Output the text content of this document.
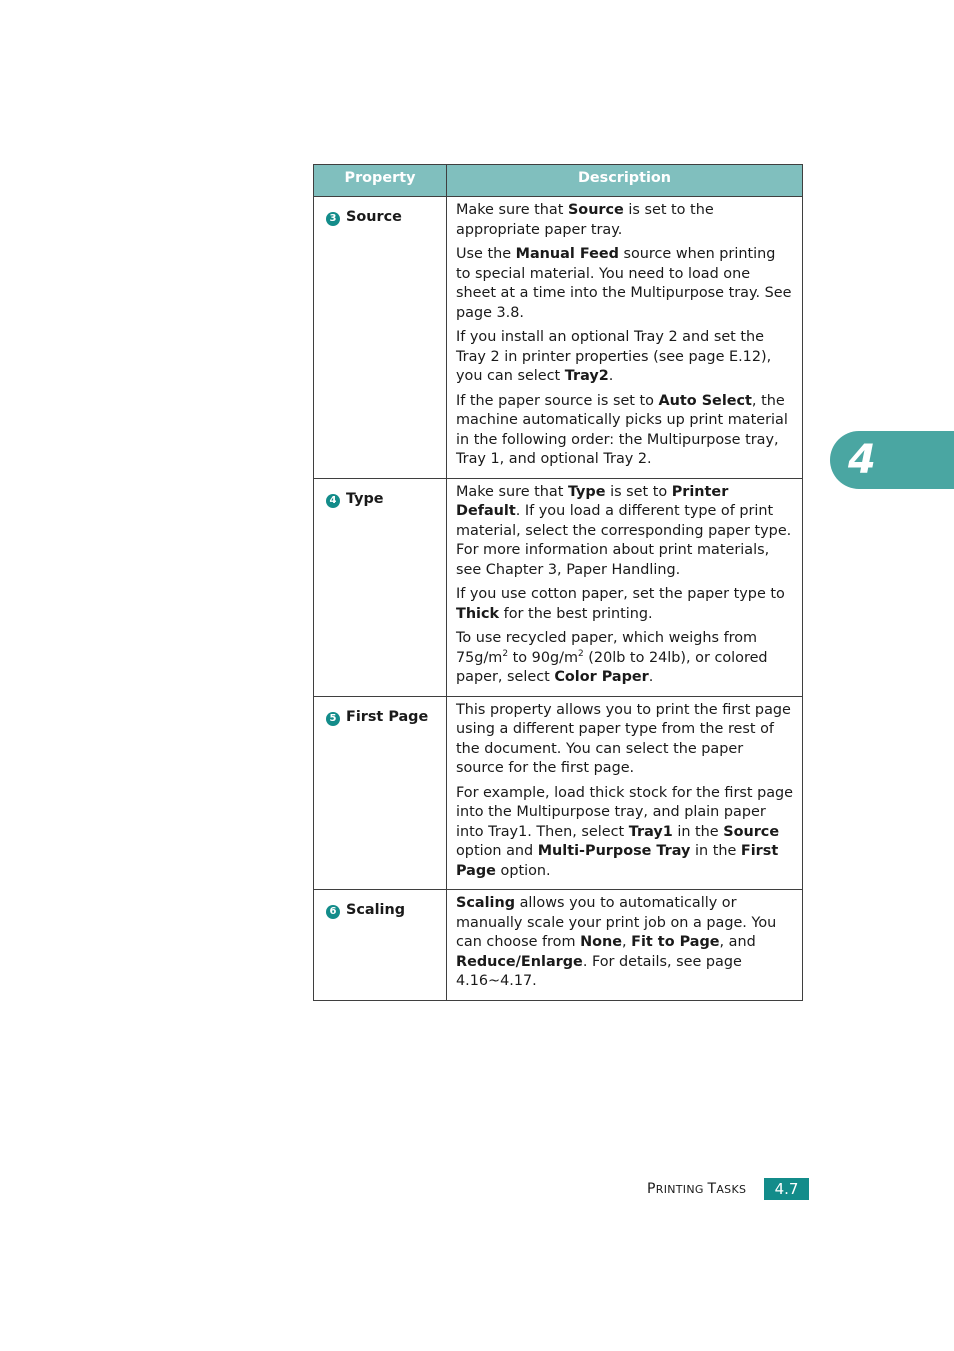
Property	Description
3 Source	Make sure that Source is set to the appropriate paper tray.

Use the Manual Feed source when printing to special material. You need to load one sheet at a time into the Multipurpose tray. See page 3.8.

If you install an optional Tray 2 and set the Tray 2 in printer properties (see page E.12), you can select Tray2.

If the paper source is set to Auto Select, the machine automatically picks up print material in the following order: the Multipurpose tray, Tray 1, and optional Tray 2.

4 Type	Make sure that Type is set to Printer Default. If you load a different type of print material, select the corresponding paper type. For more information about print materials, see Chapter 3, Paper Handling.

If you use cotton paper, set the paper type to Thick for the best printing.

To use recycled paper, which weighs from $75g/m^2$ to $90g/m^2$ (20lb to 24lb), or colored paper, select Color Paper.

5 First Page	This property allows you to print the first page using a different paper type from the rest of the document. You can select the paper source for the first page.

For example, load thick stock for the first page into the Multipurpose tray, and plain paper into Tray1. Then, select Tray1 in the Source option and Multi-Purpose Tray in the First Page option.

6 Scaling	Scaling allows you to automatically or manually scale your print job on a page. You can choose from None, Fit to Page, and Reduce/Enlarge. For details, see page 4.16~4.17.

4
PRINTING TASKS	4.7
